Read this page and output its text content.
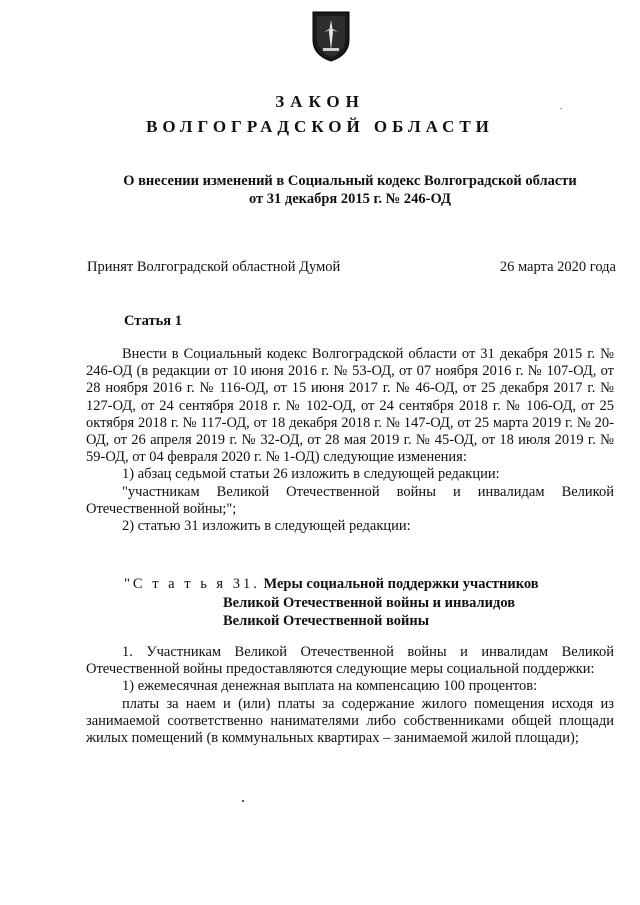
ЗАКОН
ВОЛГОГРАДСКОЙ ОБЛАСТИ
О внесении изменений в Социальный кодекс Волгоградской области
от 31 декабря 2015 г. № 246-ОД
Принят Волгоградской областной Думой	26 марта 2020 года
Статья 1

Внести в Социальный кодекс Волгоградской области от 31 декабря 2015 г. № 246-ОД (в редакции от 10 июня 2016 г. № 53-ОД, от 07 ноября 2016 г. № 107-ОД, от 28 ноября 2016 г. № 116-ОД, от 15 июня 2017 г. № 46-ОД, от 25 декабря 2017 г. № 127-ОД, от 24 сентября 2018 г. № 102-ОД, от 24 сентября 2018 г. № 106-ОД, от 25 октября 2018 г. № 117-ОД, от 18 декабря 2018 г. № 147-ОД, от 25 марта 2019 г. № 20-ОД, от 26 апреля 2019 г. № 32-ОД, от 28 мая 2019 г. № 45-ОД, от 18 июля 2019 г. № 59-ОД, от 04 февраля 2020 г. № 1-ОД) следующие изменения:

1) абзац седьмой статьи 26 изложить в следующей редакции:

"участникам Великой Отечественной войны и инвалидам Великой Отечественной войны;";

2) статью 31 изложить в следующей редакции:

"С т а т ь я 31. Меры социальной поддержки участников
Великой Отечественной войны и инвалидов
Великой Отечественной войны

1. Участникам Великой Отечественной войны и инвалидам Великой Отечественной войны предоставляются следующие меры социальной поддержки:

1) ежемесячная денежная выплата на компенсацию 100 процентов:

платы за наем и (или) платы за содержание жилого помещения исходя из занимаемой соответственно нанимателями либо собственниками общей площади жилых помещений (в коммунальных квартирах – занимаемой жилой площади);
